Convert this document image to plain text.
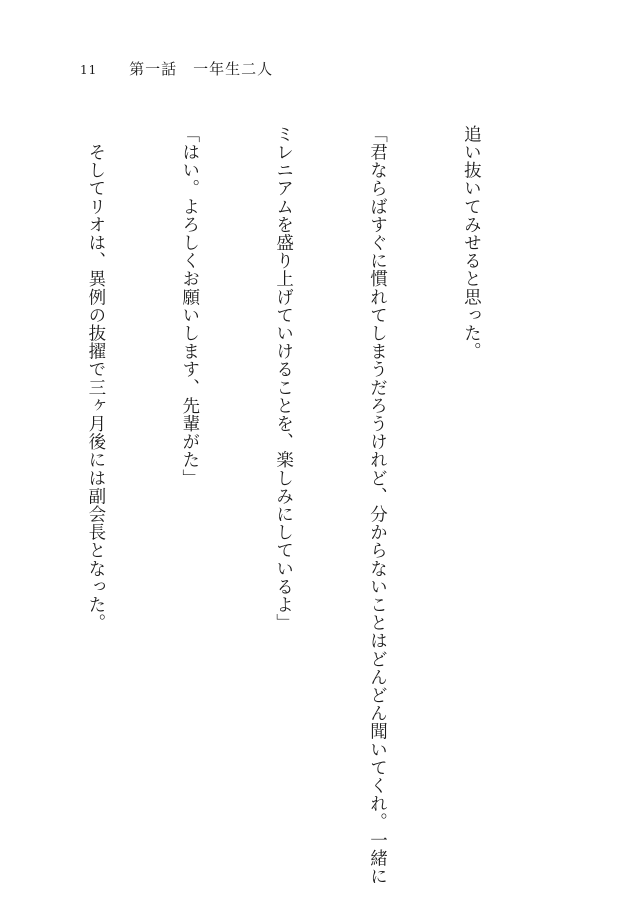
11 第一話　一年生二人

追い抜いてみせると思った。

「君ならばすぐに慣れてしまうだろうけれど、分からないことはどんどん聞いてくれ。一緒に

ミレニアムを盛り上げていけることを、楽しみにしているよ」

「はい。よろしくお願いします、先輩がた」

　そしてリオは、異例の抜擢で三ヶ月後には副会長となった。
